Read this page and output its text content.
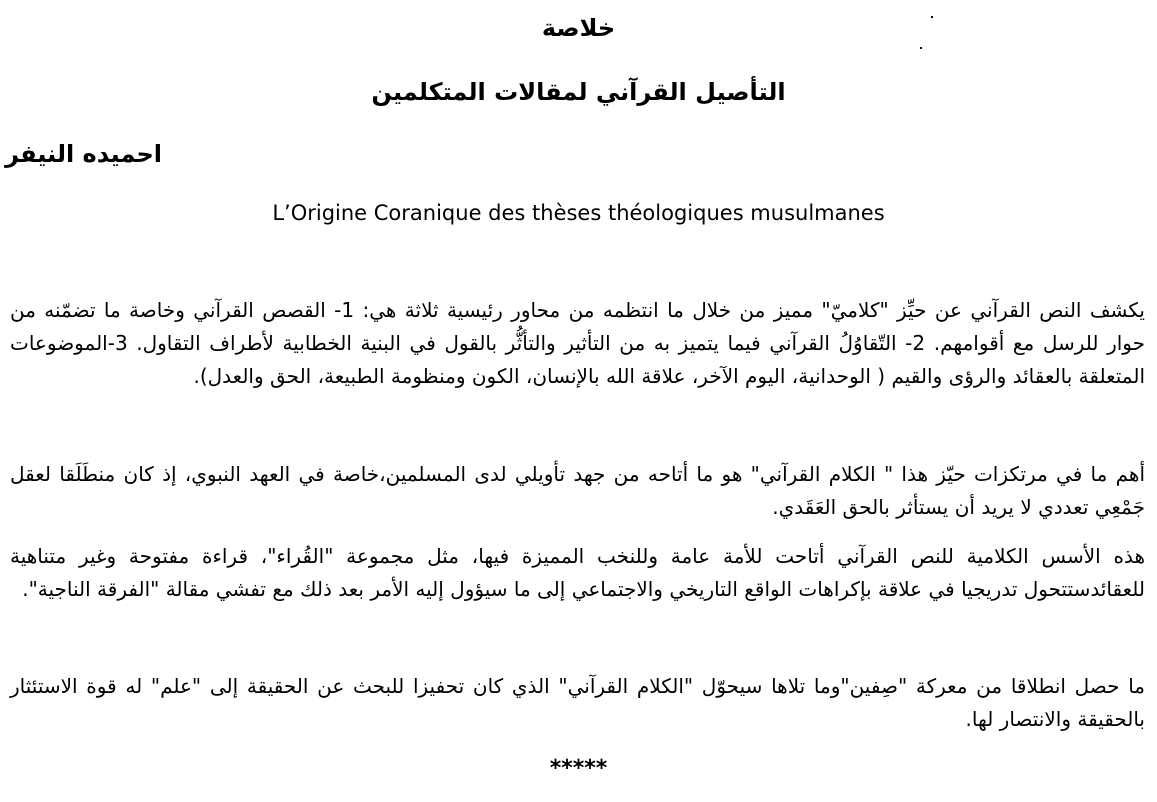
خلاصة
التأصيل القرآني لمقالات المتكلمين
احميده النيفر

L’Origine Coranique des thèses théologiques musulmanes

يكشف النص القرآني عن حيِّز "كلاميّ" مميز من خلال ما انتظمه من محاور رئيسية ثلاثة هي: 1- القصص القرآني وخاصة ما تضمّنه من حوار للرسل مع أقوامهم. 2- التّقاوُلُ القرآني فيما يتميز به من التأثير والتأثُّر بالقول في البنية الخطابية لأطراف التقاول. 3-الموضوعات المتعلقة بالعقائد والرؤى والقيم ( الوحدانية، اليوم الآخر، علاقة الله بالإنسان، الكون ومنظومة الطبيعة، الحق والعدل).

أهم ما في مرتكزات حيّز هذا " الكلام القرآني" هو ما أتاحه من جهد تأويلي لدى المسلمين،خاصة في العهد النبوي، إذ كان منطَلَقا لعقل جَمْعِي تعددي لا يريد أن يستأثر بالحق العَقَدي.

هذه الأسس الكلامية للنص القرآني أتاحت للأمة عامة وللنخب المميزة فيها، مثل مجموعة "القُراء"، قراءة مفتوحة وغير متناهية للعقائدستتحول تدريجيا في علاقة بإكراهات الواقع التاريخي والاجتماعي إلى ما سيؤول إليه الأمر بعد ذلك مع تفشي مقالة "الفرقة الناجية".

ما حصل انطلاقا من معركة "صِفين"وما تلاها سيحوّل "الكلام القرآني" الذي كان تحفيزا للبحث عن الحقيقة إلى "علم" له قوة الاستئثار بالحقيقة والانتصار لها.

*****
